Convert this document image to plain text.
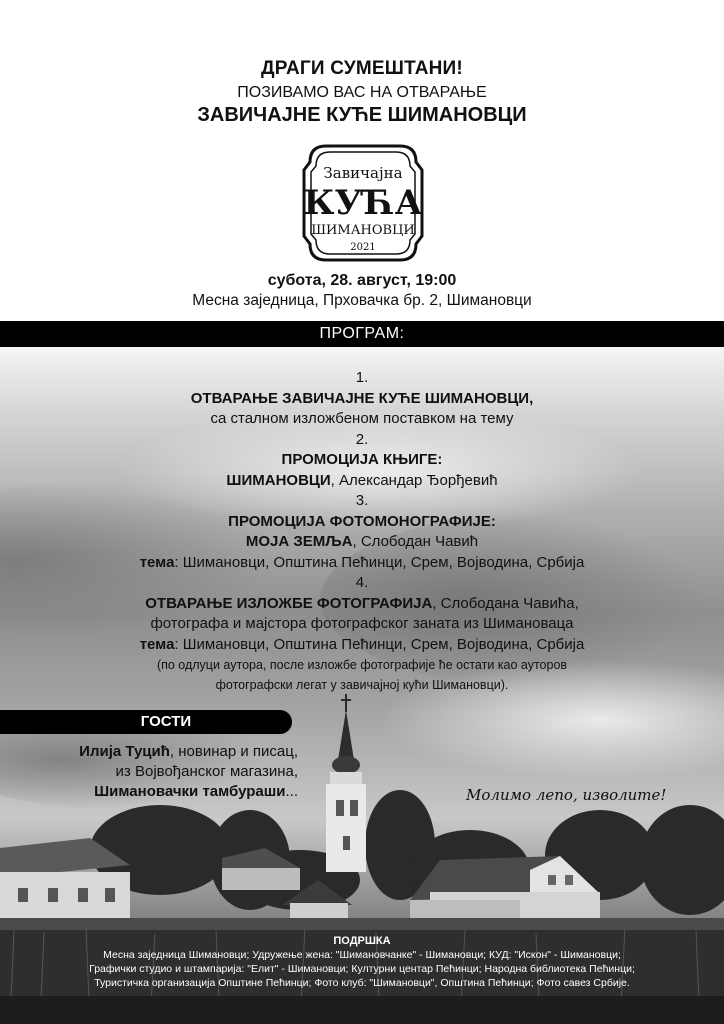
ДРАГИ СУМЕШТАНИ!
ПОЗИВАМО ВАС НА ОТВАРАЊЕ
ЗАВИЧАЈНЕ КУЋЕ ШИМАНОВЦИ
Завичајна
КУЋА
ШИМАНОВЦИ
2021
субота, 28. август, 19:00
Месна заједница, Прховачка бр. 2, Шимановци
ПРОГРАМ:
1.
ОТВАРАЊЕ ЗАВИЧАЈНЕ КУЋЕ ШИМАНОВЦИ,
са сталном изложбеном поставком на тему
2.
ПРОМОЦИЈА КЊИГЕ:
ШИМАНОВЦИ, Александар Ђорђевић
3.
ПРОМОЦИЈА ФОТОМОНОГРАФИЈЕ:
МОЈА ЗЕМЉА, Слободан Чавић
тема: Шимановци, Општина Пећинци, Срем, Војводина, Србија
4.
ОТВАРАЊЕ ИЗЛОЖБЕ ФОТОГРАФИЈА, Слободана Чавића,
фотографа и мајстора фотографског заната из Шимановаца
тема: Шимановци, Општина Пећинци, Срем, Војводина, Србија
(по одлуци аутора, после изложбе фотографије ће остати као ауторов
фотографски легат у завичајној кући Шимановци).
ГОСТИ
Илија Туцић, новинар и писац,
из Војвођанског магазина,
Шимановачки тамбураши...	Молимо лепо, изволите!
ПОДРШКА
Месна заједница Шимановци; Удружење жена: "Шимановчанке" - Шимановци; КУД: "Искон" - Шимановци;
Графички студио и штампарија: "Елит" - Шимановци; Културни центар Пећинци; Народна библиотека Пећинци;
Туристичка организација Општине Пећинци; Фото клуб: "Шимановци", Општина Пећинци; Фото савез Србије.
